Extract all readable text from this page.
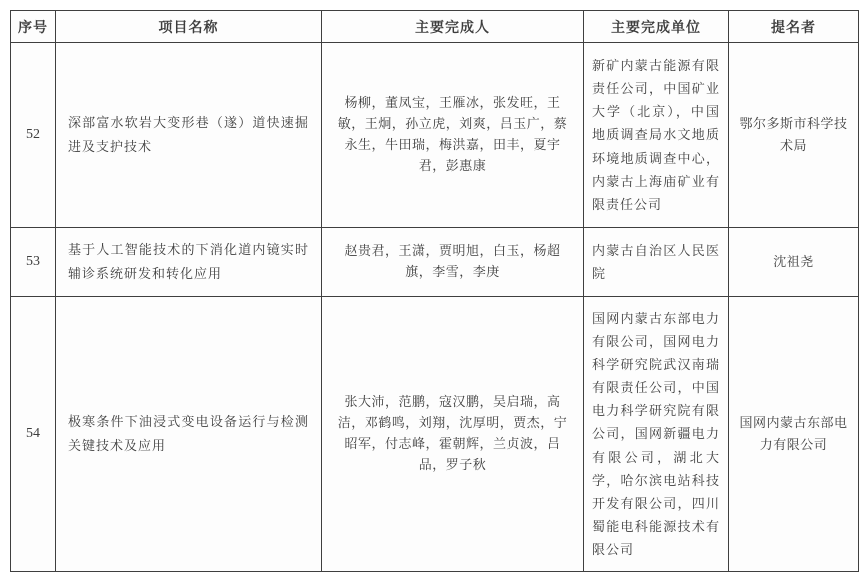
序号	项目名称	主要完成人	主要完成单位	提名者
52	深部富水软岩大变形巷（遂）道快速掘进及支护技术	杨柳，董凤宝，王雁冰，张发旺，王敏，王炯，孙立虎，刘爽，吕玉广，蔡永生，牛田瑞，梅洪嘉，田丰，夏宇君，彭惠康	新矿内蒙古能源有限责任公司，中国矿业大学（北京），中国地质调查局水文地质环境地质调查中心，内蒙古上海庙矿业有限责任公司	鄂尔多斯市科学技术局
53	基于人工智能技术的下消化道内镜实时辅诊系统研发和转化应用	赵贵君，王潇，贾明旭，白玉，杨超旗，李雪，李庚	内蒙古自治区人民医院	沈祖尧
54	极寒条件下油浸式变电设备运行与检测关键技术及应用	张大沛，范鹏，寇汉鹏，吴启瑞，高洁，邓鹤鸣，刘翔，沈厚明，贾杰，宁昭军，付志峰，霍朝辉，兰贞波，吕品，罗子秋	国网内蒙古东部电力有限公司，国网电力科学研究院武汉南瑞有限责任公司，中国电力科学研究院有限公司，国网新疆电力有限公司，湖北大学，哈尔滨电站科技开发有限公司，四川蜀能电科能源技术有限公司	国网内蒙古东部电力有限公司
